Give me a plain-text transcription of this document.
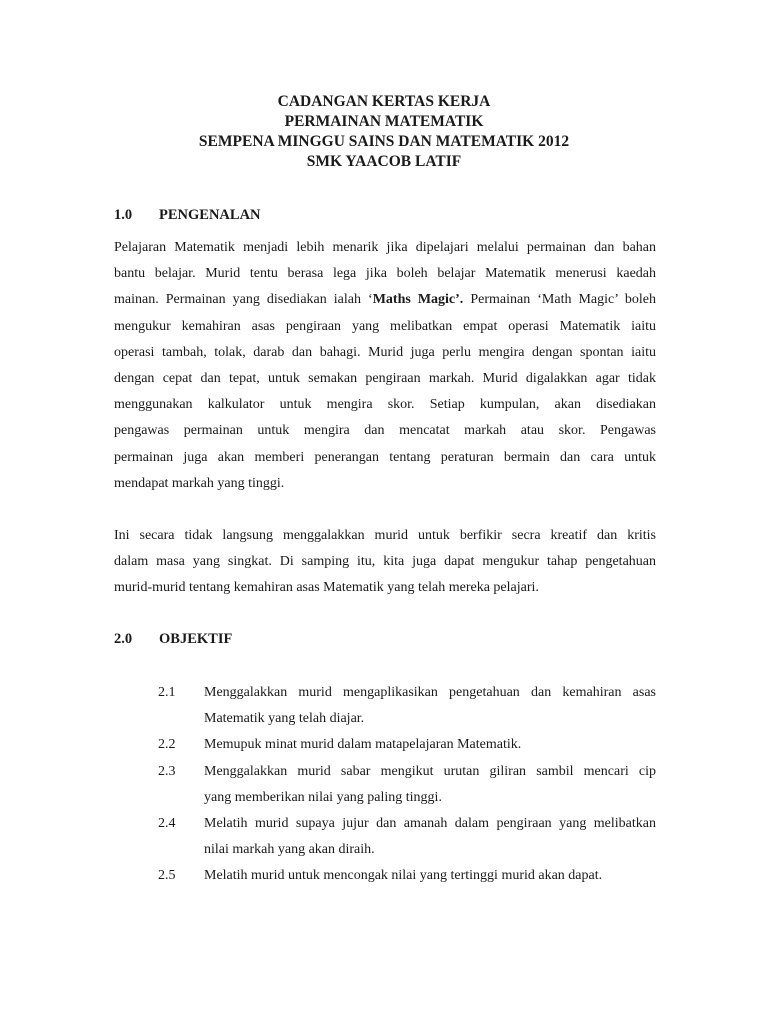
CADANGAN KERTAS KERJA
PERMAINAN MATEMATIK
SEMPENA MINGGU SAINS DAN MATEMATIK 2012
SMK YAACOB LATIF
1.0 PENGENALAN
Pelajaran Matematik menjadi lebih menarik jika dipelajari melalui permainan dan bahan
bantu belajar. Murid tentu berasa lega jika boleh belajar Matematik menerusi kaedah
mainan. Permainan yang disediakan ialah ‘Maths Magic’. Permainan ‘Math Magic’ boleh
mengukur kemahiran asas pengiraan yang melibatkan empat operasi Matematik iaitu
operasi tambah, tolak, darab dan bahagi. Murid juga perlu mengira dengan spontan iaitu
dengan cepat dan tepat, untuk semakan pengiraan markah. Murid digalakkan agar tidak
menggunakan kalkulator untuk mengira skor. Setiap kumpulan, akan disediakan
pengawas permainan untuk mengira dan mencatat markah atau skor. Pengawas
permainan juga akan memberi penerangan tentang peraturan bermain dan cara untuk
mendapat markah yang tinggi.
Ini secara tidak langsung menggalakkan murid untuk berfikir secra kreatif dan kritis
dalam masa yang singkat. Di samping itu, kita juga dapat mengukur tahap pengetahuan
murid-murid tentang kemahiran asas Matematik yang telah mereka pelajari.
2.0 OBJEKTIF
2.1 Menggalakkan murid mengaplikasikan pengetahuan dan kemahiran asas
Matematik yang telah diajar.
2.2 Memupuk minat murid dalam matapelajaran Matematik.
2.3 Menggalakkan murid sabar mengikut urutan giliran sambil mencari cip
yang memberikan nilai yang paling tinggi.
2.4 Melatih murid supaya jujur dan amanah dalam pengiraan yang melibatkan
nilai markah yang akan diraih.
2.5 Melatih murid untuk mencongak nilai yang tertinggi murid akan dapat.
